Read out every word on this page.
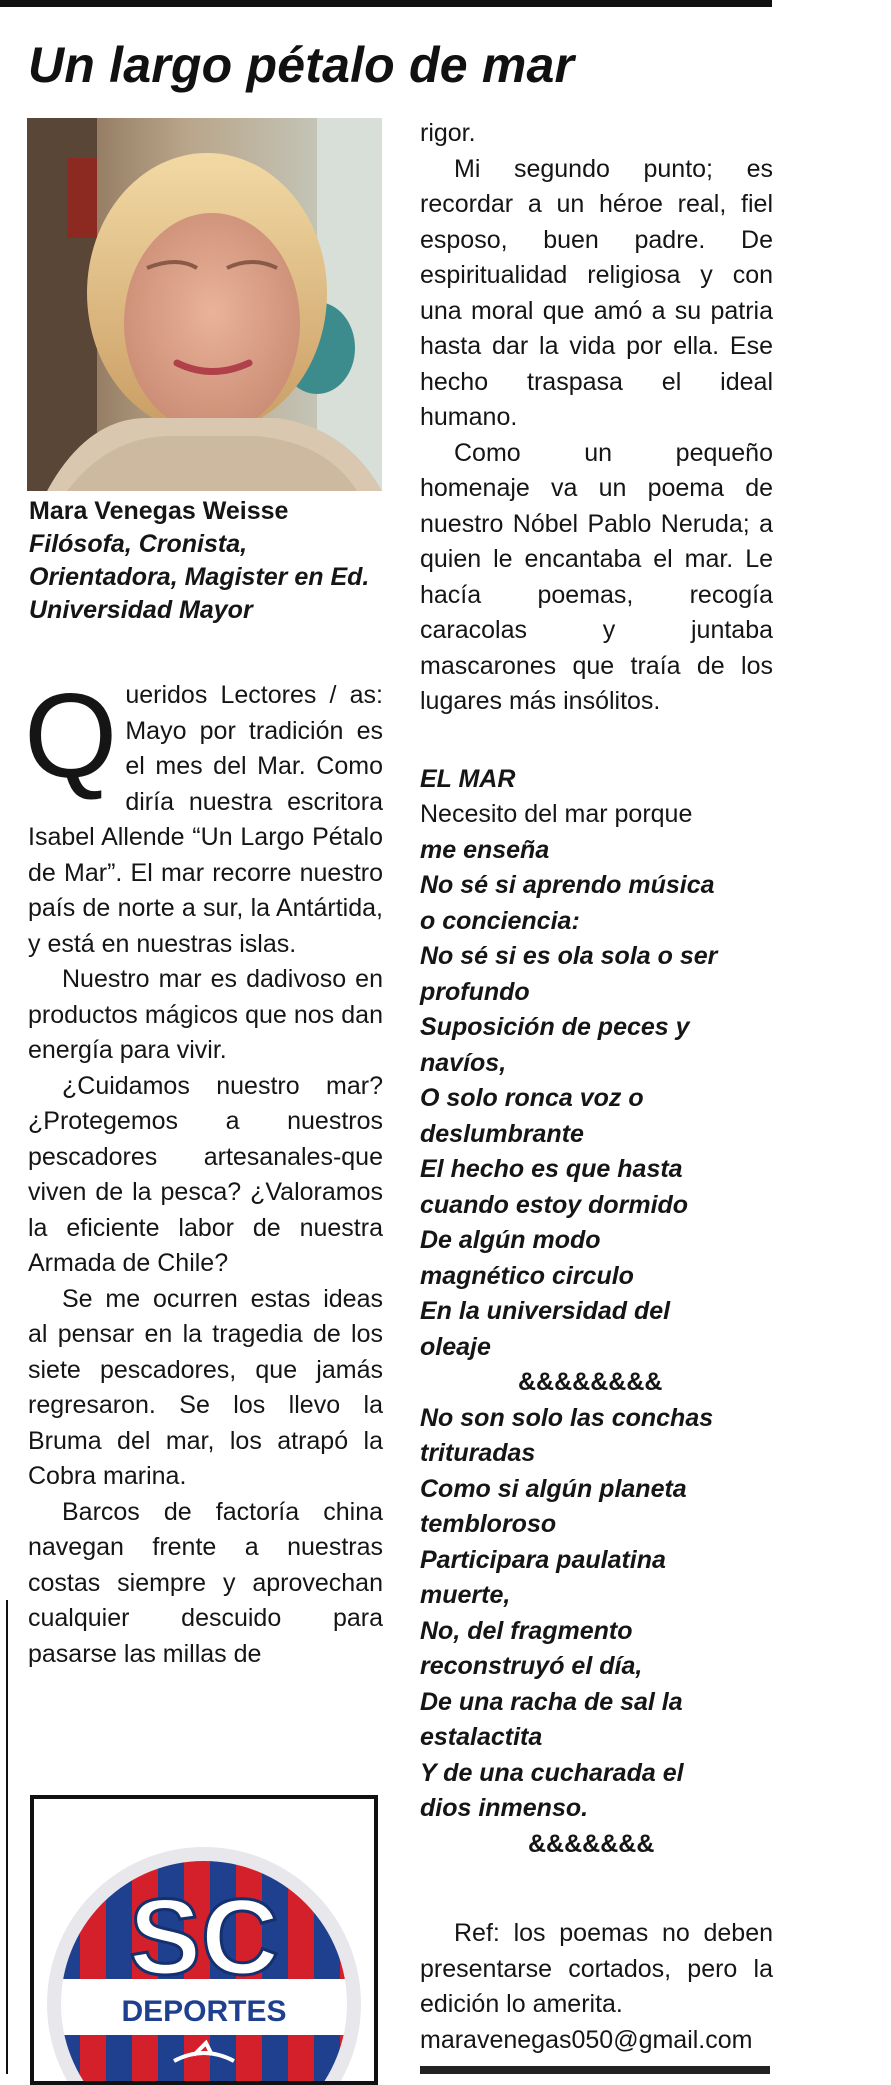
Un largo pétalo de mar
Mara Venegas Weisse
Filósofa, Cronista, Orientadora, Magister en Ed. Universidad Mayor

Queridos Lectores / as: Mayo por tradición es el mes del Mar. Como diría nuestra escritora Isabel Allende “Un Largo Pétalo de Mar”. El mar recorre nuestro país de norte a sur, la Antártida, y está en nuestras islas.

Nuestro mar es dadivoso en productos mágicos que nos dan energía para vivir.

¿Cuidamos nuestro mar? ¿Protegemos a nuestros pescadores artesanales-que viven de la pesca? ¿Valoramos la eficiente labor de nuestra Armada de Chile?

Se me ocurren estas ideas al pensar en la tragedia de los siete pescadores, que jamás regresaron. Se los llevo la Bruma del mar, los atrapó la Cobra marina.

Barcos de factoría china navegan frente a nuestras costas siempre y aprovechan cualquier descuido para pasarse las millas de

rigor.

Mi segundo punto; es recordar a un héroe real, fiel esposo, buen padre. De espiritualidad religiosa y con una moral que amó a su patria hasta dar la vida por ella. Ese hecho traspasa el ideal humano.

Como un pequeño homenaje va un poema de nuestro Nóbel Pablo Neruda; a quien le encantaba el mar. Le hacía poemas, recogía caracolas y juntaba mascarones que traía de los lugares más insólitos.

EL MAR

Necesito del mar porque

me enseña

No sé si aprendo música

o conciencia:

No sé si es ola sola o ser

profundo

Suposición de peces y

navíos,

O solo ronca voz o

deslumbrante

El hecho es que hasta

cuando estoy dormido

De algún modo

magnético circulo

En la universidad del

oleaje

&&&&&&&&

No son solo las conchas

trituradas

Como si algún planeta

tembloroso

Participara paulatina

muerte,

No, del fragmento

reconstruyó el día,

De una racha de sal la

estalactita

Y de una cucharada el

dios inmenso.

&&&&&&&

Ref: los poemas no deben presentarse cortados, pero la edición lo amerita.

maravenegas050@gmail.com

SC
DEPORTES
